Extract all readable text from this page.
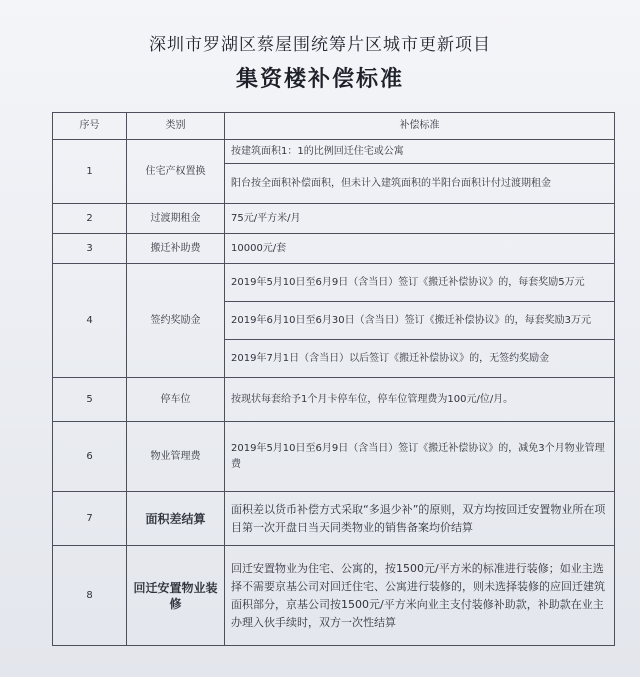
深圳市罗湖区蔡屋围统筹片区城市更新项目
集资楼补偿标准
序号	类别	补偿标准
1	住宅产权置换	按建筑面积1：1的比例回迁住宅或公寓
		阳台按全面积补偿面积，但未计入建筑面积的半阳台面积计付过渡期租金
2	过渡期租金	75元/平方米/月
3	搬迁补助费	10000元/套
4	签约奖励金	2019年5月10日至6月9日（含当日）签订《搬迁补偿协议》的，每套奖励5万元
		2019年6月10日至6月30日（含当日）签订《搬迁补偿协议》的，每套奖励3万元
		2019年7月1日（含当日）以后签订《搬迁补偿协议》的，无签约奖励金
5	停车位	按现状每套给予1个月卡停车位，停车位管理费为100元/位/月。
6	物业管理费	2019年5月10日至6月9日（含当日）签订《搬迁补偿协议》的，减免3个月物业管理费
7	面积差结算	面积差以货币补偿方式采取“多退少补”的原则，双方均按回迁安置物业所在项目第一次开盘日当天同类物业的销售备案均价结算
8	回迁安置物业装修	回迁安置物业为住宅、公寓的，按1500元/平方米的标准进行装修；如业主选择不需要京基公司对回迁住宅、公寓进行装修的，则未选择装修的应回迁建筑面积部分，京基公司按1500元/平方米向业主支付装修补助款，补助款在业主办理入伙手续时，双方一次性结算
